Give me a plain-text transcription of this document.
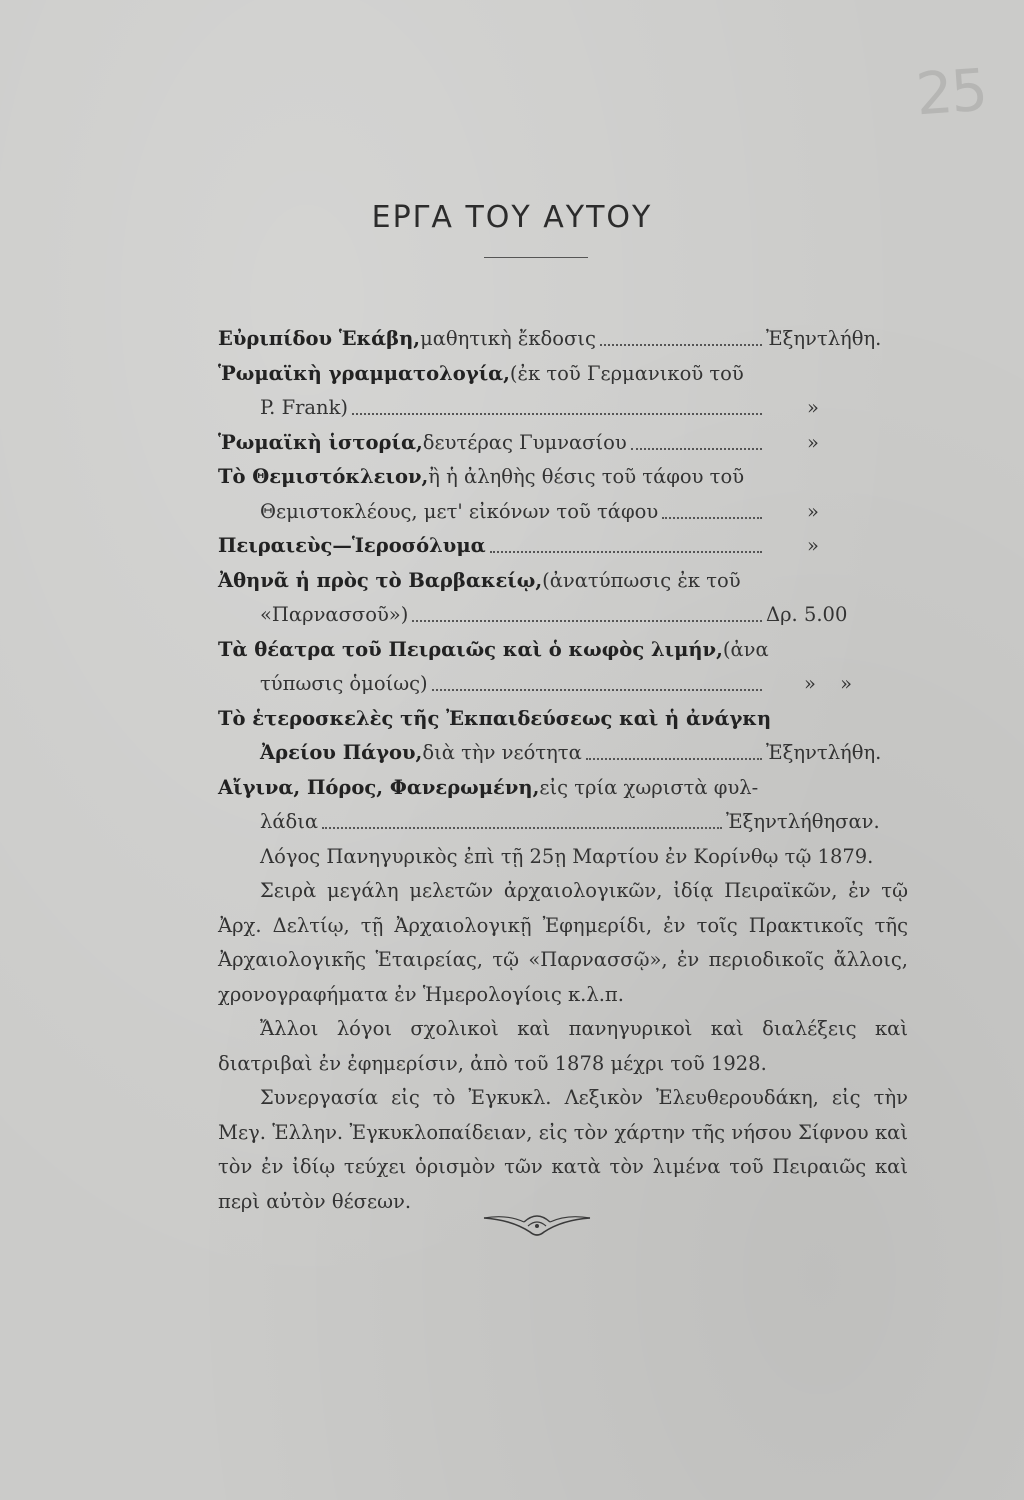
25
ΕΡΓΑ ΤΟΥ ΑΥΤΟΥ
Εὐριπίδου Ἑκάβη, μαθητικὴ ἔκδοσις	Ἐξηντλήθη.
Ῥωμαϊκὴ γραμματολογία, (ἐκ τοῦ Γερμανικοῦ τοῦ
P. Frank)	»
Ῥωμαϊκὴ ἱστορία, δευτέρας Γυμνασίου	»
Τὸ Θεμιστόκλειον, ἢ ἡ ἀληθὴς θέσις τοῦ τάφου τοῦ
Θεμιστοκλέους, μετ' εἰκόνων τοῦ τάφου	»
Πειραιεὺς—Ἱεροσόλυμα	»
Ἀθηνᾶ ἡ πρὸς τὸ Βαρβακείῳ, (ἀνατύπωσις ἐκ τοῦ
«Παρνασσοῦ»)	Δρ. 5.00
Τὰ θέατρα τοῦ Πειραιῶς καὶ ὁ κωφὸς λιμήν, (ἀνα
τύπωσις ὁμοίως)	» »
Τὸ ἑτεροσκελὲς τῆς Ἐκπαιδεύσεως καὶ ἡ ἀνάγκη
Ἀρείου Πάγου, διὰ τὴν νεότητα	Ἐξηντλήθη.
Αἴγινα, Πόρος, Φανερωμένη, εἰς τρία χωριστὰ φυλ-
λάδια	Ἐξηντλήθησαν.

Λόγος Πανηγυρικὸς ἐπὶ τῇ 25ῃ Μαρτίου ἐν Κορίνθῳ τῷ 1879.

Σειρὰ μεγάλη μελετῶν ἀρχαιολογικῶν, ἰδίᾳ Πειραϊκῶν, ἐν τῷ Ἀρχ. Δελτίῳ, τῇ Ἀρχαιολογικῇ Ἐφημερίδι, ἐν τοῖς Πρακτικοῖς τῆς Ἀρχαιολογικῆς Ἑταιρείας, τῷ «Παρνασσῷ», ἐν περιοδικοῖς ἄλλοις, χρονογραφήματα ἐν Ἡμερολογίοις κ.λ.π.

Ἄλλοι λόγοι σχολικοὶ καὶ πανηγυρικοὶ καὶ διαλέξεις καὶ διατριβαὶ ἐν ἐφημερίσιν, ἀπὸ τοῦ 1878 μέχρι τοῦ 1928.

Συνεργασία εἰς τὸ Ἐγκυκλ. Λεξικὸν Ἐλευθερουδάκη, εἰς τὴν Μεγ. Ἑλλην. Ἐγκυκλοπαίδειαν, εἰς τὸν χάρτην τῆς νήσου Σίφνου καὶ τὸν ἐν ἰδίῳ τεύχει ὁρισμὸν τῶν κατὰ τὸν λιμένα τοῦ Πειραιῶς καὶ περὶ αὐτὸν θέσεων.
